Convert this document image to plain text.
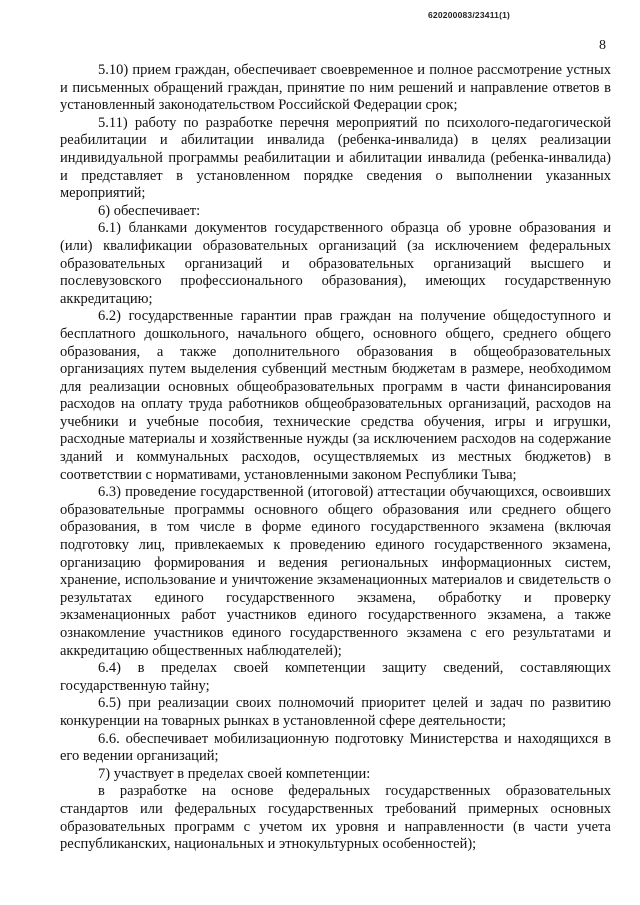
620200083/23411(1)
8

5.10) прием граждан, обеспечивает своевременное и полное рассмотрение устных и письменных обращений граждан, принятие по ним решений и направление ответов в установленный законодательством Российской Федерации срок;

5.11) работу по разработке перечня мероприятий по психолого-педагогической реабилитации и абилитации инвалида (ребенка-инвалида) в целях реализации индивидуальной программы реабилитации и абилитации инвалида (ребенка-инвалида) и представляет в установленном порядке сведения о выполнении указанных мероприятий;

6) обеспечивает:

6.1) бланками документов государственного образца об уровне образования и (или) квалификации образовательных организаций (за исключением федеральных образовательных организаций и образовательных организаций высшего и послевузовского профессионального образования), имеющих государственную аккредитацию;

6.2) государственные гарантии прав граждан на получение общедоступного и бесплатного дошкольного, начального общего, основного общего, среднего общего образования, а также дополнительного образования в общеобразовательных организациях путем выделения субвенций местным бюджетам в размере, необходимом для реализации основных общеобразовательных программ в части финансирования расходов на оплату труда работников общеобразовательных организаций, расходов на учебники и учебные пособия, технические средства обучения, игры и игрушки, расходные материалы и хозяйственные нужды (за исключением расходов на содержание зданий и коммунальных расходов, осуществляемых из местных бюджетов) в соответствии с нормативами, установленными законом Республики Тыва;

6.3) проведение государственной (итоговой) аттестации обучающихся, освоивших образовательные программы основного общего образования или среднего общего образования, в том числе в форме единого государственного экзамена (включая подготовку лиц, привлекаемых к проведению единого государственного экзамена, организацию формирования и ведения региональных информационных систем, хранение, использование и уничтожение экзаменационных материалов и свидетельств о результатах единого государственного экзамена, обработку и проверку экзаменационных работ участников единого государственного экзамена, а также ознакомление участников единого государственного экзамена с его результатами и аккредитацию общественных наблюдателей);

6.4) в пределах своей компетенции защиту сведений, составляющих государственную тайну;

6.5) при реализации своих полномочий приоритет целей и задач по развитию конкуренции на товарных рынках в установленной сфере деятельности;

6.6. обеспечивает мобилизационную подготовку Министерства и находящихся в его ведении организаций;

7) участвует в пределах своей компетенции:

в разработке на основе федеральных государственных образовательных стандартов или федеральных государственных требований примерных основных образовательных программ с учетом их уровня и направленности (в части учета республиканских, национальных и этнокультурных особенностей);
